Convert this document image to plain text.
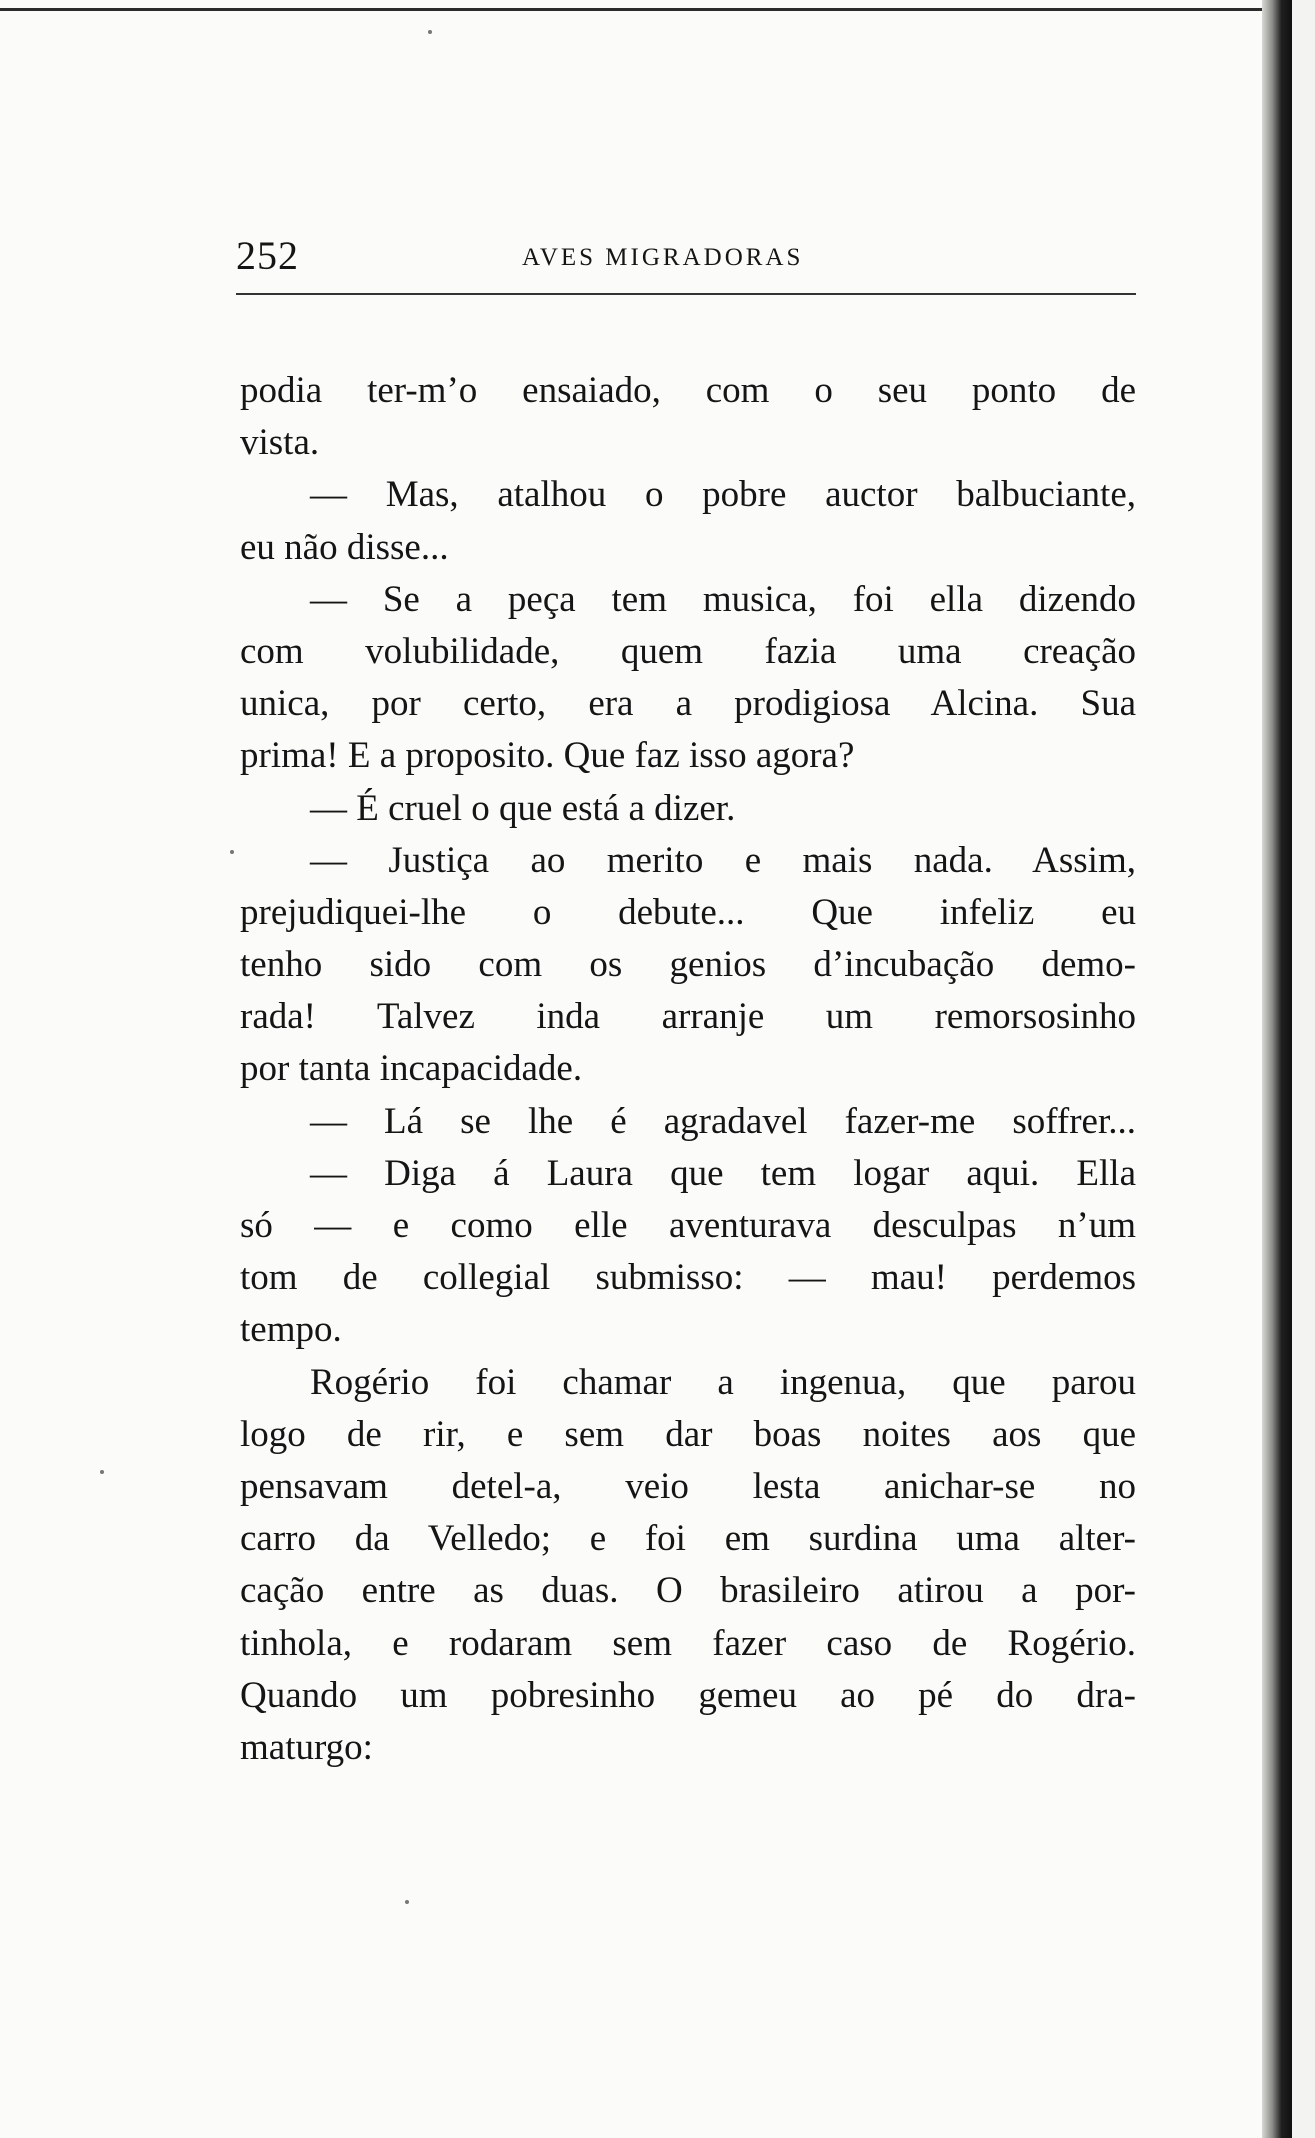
252	AVES MIGRADORAS
podia ter-m’o ensaiado, com o seu ponto de
vista.
— Mas, atalhou o pobre auctor balbuciante,
eu não disse...
— Se a peça tem musica, foi ella dizendo
com volubilidade, quem fazia uma creação
unica, por certo, era a prodigiosa Alcina. Sua
prima! E a proposito. Que faz isso agora?
— É cruel o que está a dizer.
— Justiça ao merito e mais nada. Assim,
prejudiquei-lhe o debute... Que infeliz eu
tenho sido com os genios d’incubação demo-
rada! Talvez inda arranje um remorsosinho
por tanta incapacidade.
— Lá se lhe é agradavel fazer-me soffrer...
— Diga á Laura que tem logar aqui. Ella
só — e como elle aventurava desculpas n’um
tom de collegial submisso: — mau! perdemos
tempo.
Rogério foi chamar a ingenua, que parou
logo de rir, e sem dar boas noites aos que
pensavam detel-a, veio lesta anichar-se no
carro da Velledo; e foi em surdina uma alter-
cação entre as duas. O brasileiro atirou a por-
tinhola, e rodaram sem fazer caso de Rogério.
Quando um pobresinho gemeu ao pé do dra-
maturgo:
